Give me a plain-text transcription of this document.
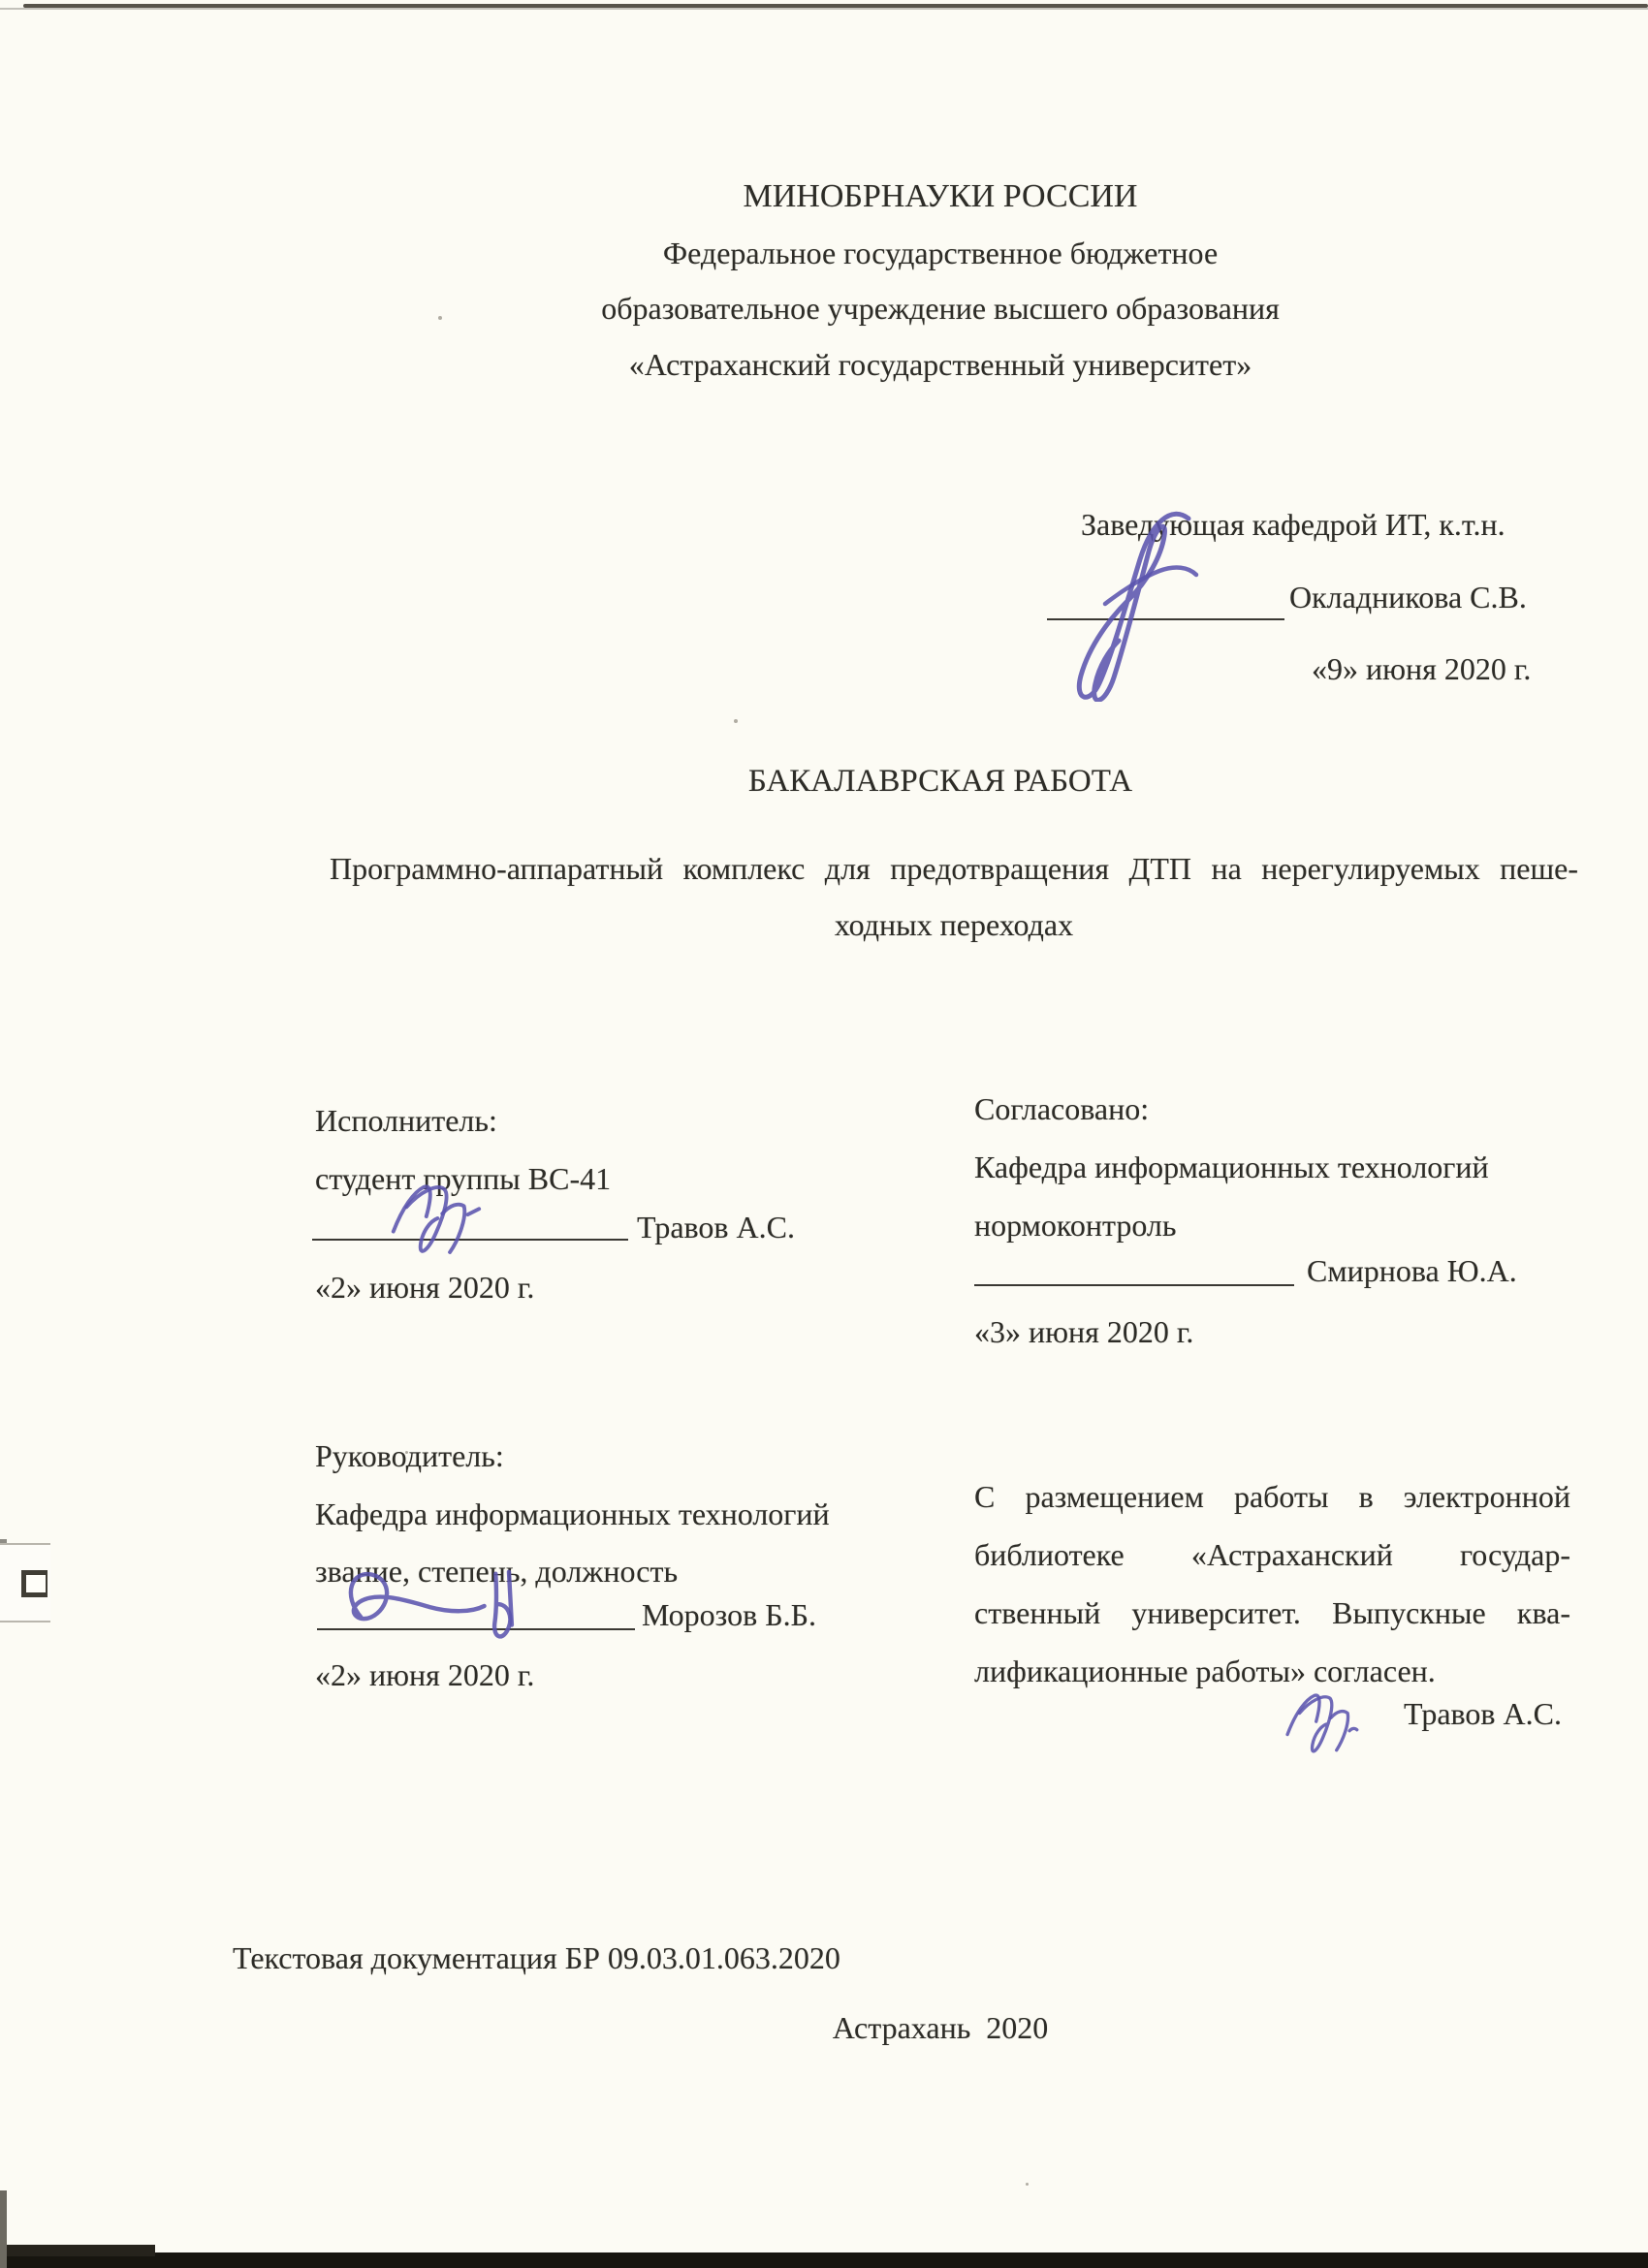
МИНОБРНАУКИ РОССИИ
Федеральное государственное бюджетное
образовательное учреждение высшего образования
«Астраханский государственный университет»
Заведующая кафедрой ИТ, к.т.н.
Окладникова С.В.
«9» июня 2020 г.
БАКАЛАВРСКАЯ РАБОТА
Программно-аппаратный комплекс для предотвращения ДТП на нерегулируемых пеше-
ходных переходах
Исполнитель:
студент группы ВС-41
Травов А.С.
«2» июня 2020 г.
Согласовано:
Кафедра информационных технологий
нормоконтроль
Смирнова Ю.А.
«3» июня 2020 г.
Руководитель:
Кафедра информационных технологий
звание, степень, должность
Морозов Б.Б.
«2» июня 2020 г.
С размещением работы в электронной
библиотеке «Астраханский государ-
ственный университет. Выпускные ква-
лификационные работы» согласен.
Травов А.С.
Текстовая документация БР 09.03.01.063.2020
Астрахань  2020
